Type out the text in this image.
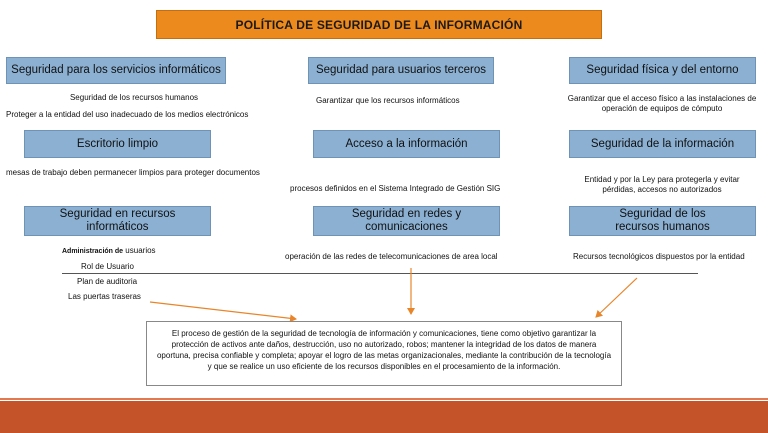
POLÍTICA DE SEGURIDAD DE LA INFORMACIÓN
Seguridad para los servicios informáticos
Seguridad de los recursos humanos
Proteger a la entidad del uso inadecuado de los medios electrónicos
Escritorio limpio
mesas de trabajo deben permanecer limpios para proteger documentos
Seguridad en recursos informáticos
Administración de usuarios
Rol de Usuario
Plan de auditoria
Las puertas traseras
Seguridad para usuarios terceros
Garantizar que los recursos informáticos
Acceso a la información
procesos definidos en el Sistema Integrado de Gestión SIG
Seguridad en redes y comunicaciones
operación de las redes de telecomunicaciones de area local
Seguridad física y del entorno
Garantizar que el acceso físico a las instalaciones de
operación de equipos de cómputo
Seguridad de la información
Entidad y por la Ley para protegerla y evitar
pérdidas, accesos no autorizados
Seguridad de los recursos humanos
Recursos tecnológicos dispuestos por la entidad
El proceso de gestión de la seguridad de tecnología de información y comunicaciones, tiene como objetivo garantizar la protección de activos ante daños, destrucción, uso no autorizado, robos; mantener la integridad de los datos de manera oportuna, precisa confiable y completa; apoyar el logro de las metas organizacionales, mediante la contribución de la tecnología y que se realice un uso eficiente de los recursos disponibles en el procesamiento de la información.
